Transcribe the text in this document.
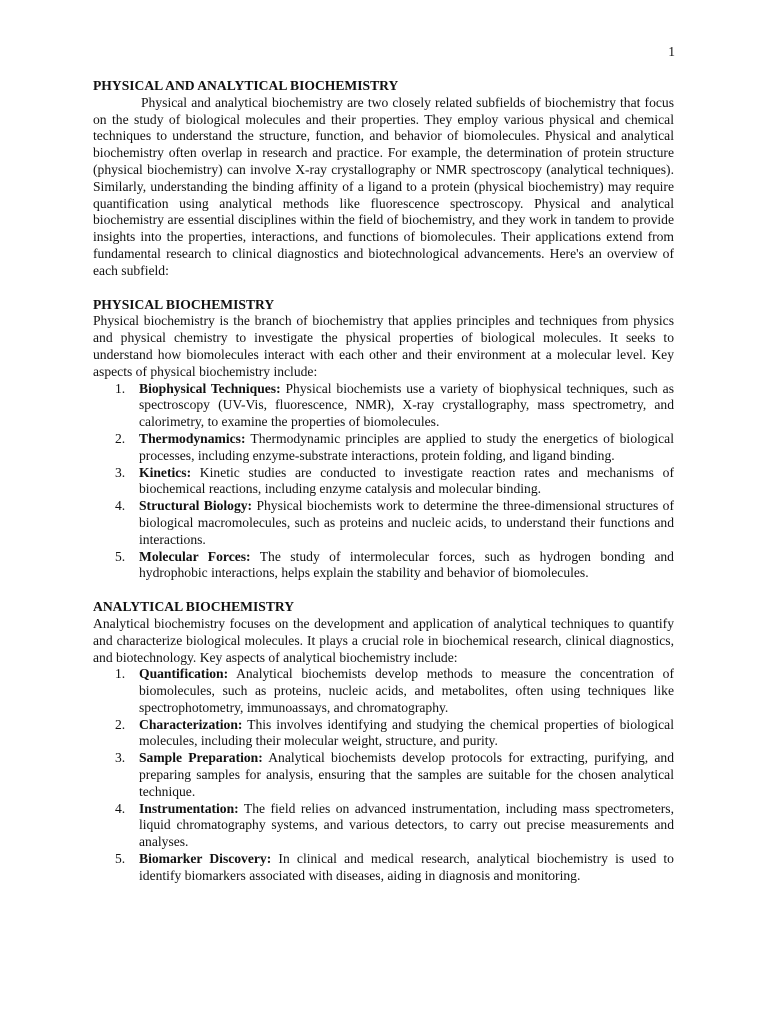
1

PHYSICAL AND ANALYTICAL BIOCHEMISTRY

Physical and analytical biochemistry are two closely related subfields of biochemistry that focus on the study of biological molecules and their properties. They employ various physical and chemical techniques to understand the structure, function, and behavior of biomolecules. Physical and analytical biochemistry often overlap in research and practice. For example, the determination of protein structure (physical biochemistry) can involve X-ray crystallography or NMR spectroscopy (analytical techniques). Similarly, understanding the binding affinity of a ligand to a protein (physical biochemistry) may require quantification using analytical methods like fluorescence spectroscopy. Physical and analytical biochemistry are essential disciplines within the field of biochemistry, and they work in tandem to provide insights into the properties, interactions, and functions of biomolecules. Their applications extend from fundamental research to clinical diagnostics and biotechnological advancements. Here's an overview of each subfield:

PHYSICAL BIOCHEMISTRY

Physical biochemistry is the branch of biochemistry that applies principles and techniques from physics and physical chemistry to investigate the physical properties of biological molecules. It seeks to understand how biomolecules interact with each other and their environment at a molecular level. Key aspects of physical biochemistry include:

1. Biophysical Techniques: Physical biochemists use a variety of biophysical techniques, such as spectroscopy (UV-Vis, fluorescence, NMR), X-ray crystallography, mass spectrometry, and calorimetry, to examine the properties of biomolecules.
2. Thermodynamics: Thermodynamic principles are applied to study the energetics of biological processes, including enzyme-substrate interactions, protein folding, and ligand binding.
3. Kinetics: Kinetic studies are conducted to investigate reaction rates and mechanisms of biochemical reactions, including enzyme catalysis and molecular binding.
4. Structural Biology: Physical biochemists work to determine the three-dimensional structures of biological macromolecules, such as proteins and nucleic acids, to understand their functions and interactions.
5. Molecular Forces: The study of intermolecular forces, such as hydrogen bonding and hydrophobic interactions, helps explain the stability and behavior of biomolecules.

ANALYTICAL BIOCHEMISTRY

Analytical biochemistry focuses on the development and application of analytical techniques to quantify and characterize biological molecules. It plays a crucial role in biochemical research, clinical diagnostics, and biotechnology. Key aspects of analytical biochemistry include:

1. Quantification: Analytical biochemists develop methods to measure the concentration of biomolecules, such as proteins, nucleic acids, and metabolites, often using techniques like spectrophotometry, immunoassays, and chromatography.
2. Characterization: This involves identifying and studying the chemical properties of biological molecules, including their molecular weight, structure, and purity.
3. Sample Preparation: Analytical biochemists develop protocols for extracting, purifying, and preparing samples for analysis, ensuring that the samples are suitable for the chosen analytical technique.
4. Instrumentation: The field relies on advanced instrumentation, including mass spectrometers, liquid chromatography systems, and various detectors, to carry out precise measurements and analyses.
5. Biomarker Discovery: In clinical and medical research, analytical biochemistry is used to identify biomarkers associated with diseases, aiding in diagnosis and monitoring.
